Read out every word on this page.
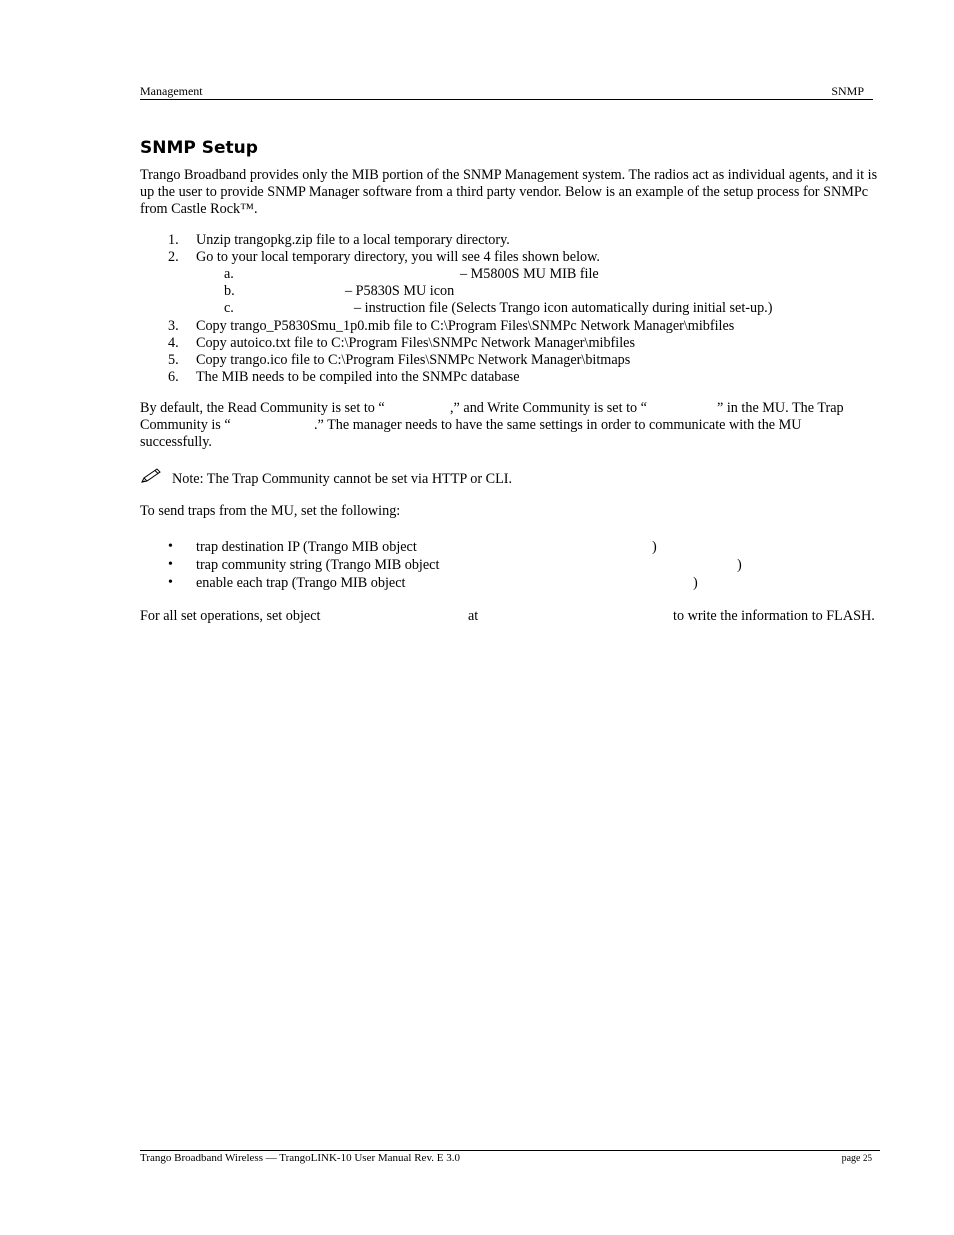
Management	SNMP
SNMP Setup
Trango Broadband provides only the MIB portion of the SNMP Management system. The radios act as individual agents, and it is up the user to provide SNMP Manager software from a third party vendor. Below is an example of the setup process for SNMPc from Castle Rock™.
1. Unzip trangopkg.zip file to a local temporary directory.
2. Go to your local temporary directory, you will see 4 files shown below.
a.	– M5800S MU MIB file
b.	– P5830S MU icon
c.	– instruction file (Selects Trango icon automatically during initial set-up.)
3. Copy trango_P5830Smu_1p0.mib file to C:\Program Files\SNMPc Network Manager\mibfiles
4. Copy autoico.txt file to C:\Program Files\SNMPc Network Manager\mibfiles
5. Copy trango.ico file to C:\Program Files\SNMPc Network Manager\bitmaps
6. The MIB needs to be compiled into the SNMPc database
By default, the Read Community is set to “	,” and Write Community is set to “	” in the MU. The Trap
Community is “	.” The manager needs to have the same settings in order to communicate with the MU
successfully.
Note: The Trap Community cannot be set via HTTP or CLI.
To send traps from the MU, set the following:
• trap destination IP (Trango MIB object	)
• trap community string (Trango MIB object	)
• enable each trap (Trango MIB object	)
For all set operations, set object	at	to write the information to FLASH.
Trango Broadband Wireless — TrangoLINK-10 User Manual Rev. E 3.0	page 25
